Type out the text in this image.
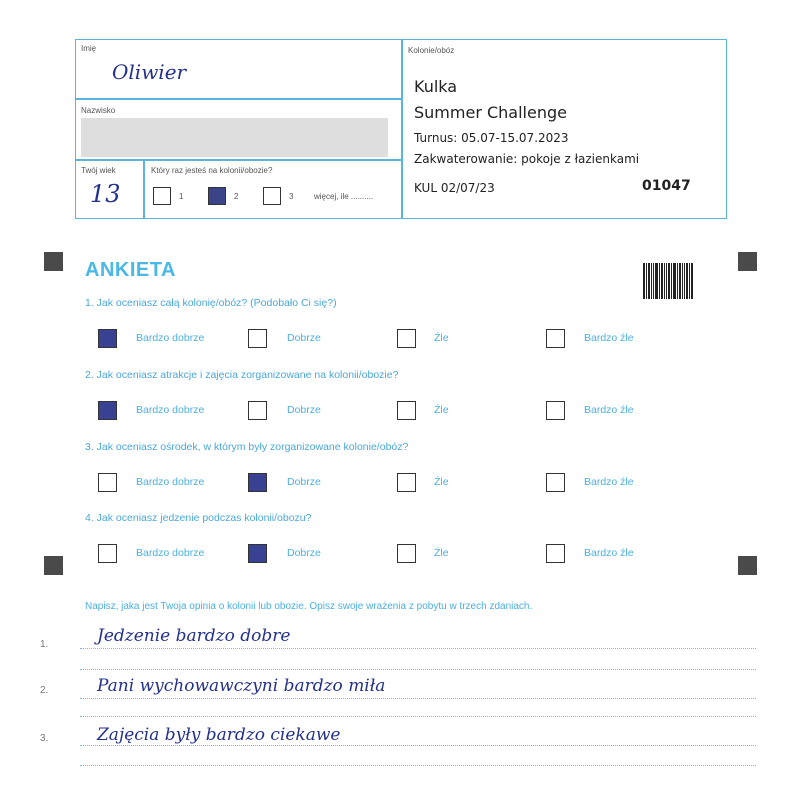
Imię
Oliwier
Nazwisko
Twój wiek
13
Który raz jesteś na kolonii/obozie?
1	2	3	więcej, ile ..........
Kolonie/obóz
Kulka
Summer Challenge
Turnus: 05.07-15.07.2023
Zakwaterowanie: pokoje z łazienkami
KUL 02/07/23	01047
ANKIETA
1. Jak oceniasz całą kolonię/obóz? (Podobało Ci się?)
Bardzo dobrze	Dobrze	Źle	Bardzo źle
2. Jak oceniasz atrakcje i zajęcia zorganizowane na kolonii/obozie?
Bardzo dobrze	Dobrze	Źle	Bardzo źle
3. Jak oceniasz ośrodek, w którym były zorganizowane kolonie/obóz?
Bardzo dobrze	Dobrze	Źle	Bardzo źle
4. Jak oceniasz jedzenie podczas kolonii/obozu?
Bardzo dobrze	Dobrze	Źle	Bardzo źle
Napisz, jaka jest Twoja opinia o kolonii lub obozie. Opisz swoje wrażenia z pobytu w trzech zdaniach.
1.	Jedzenie bardzo dobre
2.	Pani wychowawczyni bardzo miła
3.	Zajęcia były bardzo ciekawe
